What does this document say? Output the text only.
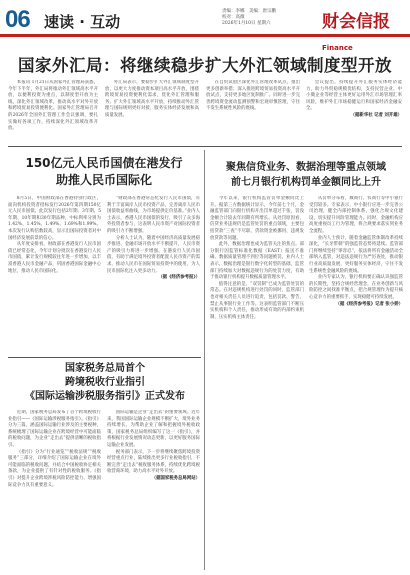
06 速读 · 互动
责编：李娜　美编：唐宗鹏
校对：高薇
2026年1月10日 星期六	财会信报 Finance
国家外汇局：将继续稳步扩大外汇领域制度型开放

本报讯 1月21日从国家外汇管理局获悉，今年下半年，外汇局将推动外汇领域高水平开放，以便利投资为重点，以制度型开放为主线，深化外汇领域改革，推动高水平对外开放和跨境贸易投资便利化。国家外汇管理局召开的2026年全国外汇管理工作会议强调，要扎实做好各项工作，持续深化外汇领域改革开放。

外汇局表示，要稳步扩大外汇领域制度型开放，以更大力度推动资本项目高水平开放，围绕跨境贸易投资便利化需求，优化外汇管理和服务。扩大外汇领域高水平开放，持续推动外汇管理与国际规则更好对接，服务实体经济发展和高质量发展。

在自贸试验区深化外汇管理改革试点，推出更多创新举措；深入推进跨境贸易投资高水平开放试点，支持更多地区复制推广。同时进一步完善跨境资金流动监测预警和宏观审慎管理，守住不发生系统性风险的底线。

会议提出，持续提升外汇服务实体经济能力，助力外贸稳规模优结构，支持民营企业、中小微企业等经营主体更好运用外汇市场管理汇率风险，维护外汇市场稳健运行和国家经济金融安全。

（据新华社 记者 刘开雄）
150亿元人民币国债在港发行
助推人民币国际化

8月5日，中国财政部在香港特别行政区，面向机构投资者招标发行2026年第四期150亿元人民币国债。此次发行包括2年期、3年期、5年期、10年期和30年期品种，中标利率分别为1.42%、1.45%、1.49%、1.69%和1.99%。本次发行认购倍数较高，显示出国际投资者对中国经济发展前景的信心。

从年度安排看，财政部在香港发行人民币国债已经常态化，今年计划分批次在香港发行人民币国债，累计发行规模较往年进一步增加，以丰富香港人民币金融产品，巩固香港国际金融中心地位，推动人民币国际化。

“财政部在香港常态化发行人民币国债，有利于丰富离岸人民币投资产品，完善离岸人民币国债收益率曲线，为市场提供定价基准。”业内人士表示，香港人民币国债的发行，吸引了众多海外投资者参与，这表明人民币资产对国际投资者的吸引力不断增强。

分析人士认为，随着中国经济高质量发展稳步推进、金融市场开放水平不断提升，人民币资产的吸引力将进一步增强。在港发行人民币国债，有助于满足境外投资者配置人民币资产的需求，推动人民币在国际贸易投资中的使用，为人民币国际化注入更多动力。

（据《经济参考报》）
国家税务总局首个
跨境税收行业指引
《国际运输涉税服务指引》正式发布

近期，国家税务总局发布了首个跨境税收行业指引——《国际运输涉税服务指引》。《指引》分为三篇，涵盖国际运输行业涉及的主要税种，系统梳理了国际运输企业在跨境经营中可能面临的税收问题，为企业“走出去”提供清晰的税收指引。

《指引》分为“行业通览”“税收法规”“税收服务”三部分，详细介绍了国际运输企业在境外可能面临的税收问题，并结合中国税收协定相关条款，为企业提供了有针对性的税收服务。《指引》对提升企业跨境涉税风险防控能力、增强国际竞争力具有重要意义。

国际运输是企业“走出去”的重要领域。近年来，我国国际运输企业规模不断扩大，境外业务持续增长。为帮助企业了解和把握境外税收政策，国家税务总局组织编写了这一《指引》，并将根据行业发展情况动态更新，以更好服务国际运输企业发展。

税务部门表示，下一步将继续聚焦跨境投资经营重点行业，陆续推出更多行业税收指引，不断完善“走出去”税收服务体系，持续优化跨境税收营商环境，助力高水平对外开放。

（据国家税务总局网站）
聚焦信贷业务、数据治理等重点领域
前七月银行机构罚单金额同比上升

今年以来，银行机构监管罚单金额同比上升。据第三方数据统计显示，今年前七个月，金融监管部门向银行机构开出罚单超过千张，罚没金额合计较去年同期有所增长。从处罚原因看，信贷业务违规仍是监管处罚的重点领域，主要包括贷款“三查”不尽职、贷款资金被挪用、违规发放贷款等问题。

此外，数据治理也成为监管关注的焦点。部分银行因监管标准化数据（EAST）报送不准确、数据质量管理不到位等问题被罚。业内人士表示，数据治理是银行数字化转型的基础，监管部门持续加大对数据违规行为的处罚力度，有助于推动银行机构提升数据质量管理水平。

值得注意的是，“双罚制”已成为监管处罚的常态。在对违规机构进行处罚的同时，监管部门也对相关责任人员进行追责，包括罚款、警告、禁止从事银行业工作等。这表明监管部门不断压实机构和个人责任，推动形成有效的内部约束机制，压实机构主体责任。

从罚单分布看，城商行、农商行等中小银行受罚较多。专家表示，中小银行应进一步完善公司治理，健全内部控制体系，强化合规文化建设，切实提升风险管理能力。同时，金融机构应高度重视员工行为管理，将合规要求落实到业务全流程。

业内人士预计，随着金融监管体制改革持续深化，“长牙带刺”的强监管态势将延续。监管部门将继续坚持“零容忍”，依法将所有金融活动全部纳入监管，对违法违规行为严厉查处，推动银行业高质量发展，更好服务实体经济，守住不发生系统性金融风险的底线。

业内专家认为，银行机构要正确认识强监管的长期性，坚持合规经营理念，在业务创新与风险防控之间找准平衡点，把合规管理作为提升核心竞争力的重要抓手，实现稳健可持续发展。

（据《经济参考报》记者 张小娇）
